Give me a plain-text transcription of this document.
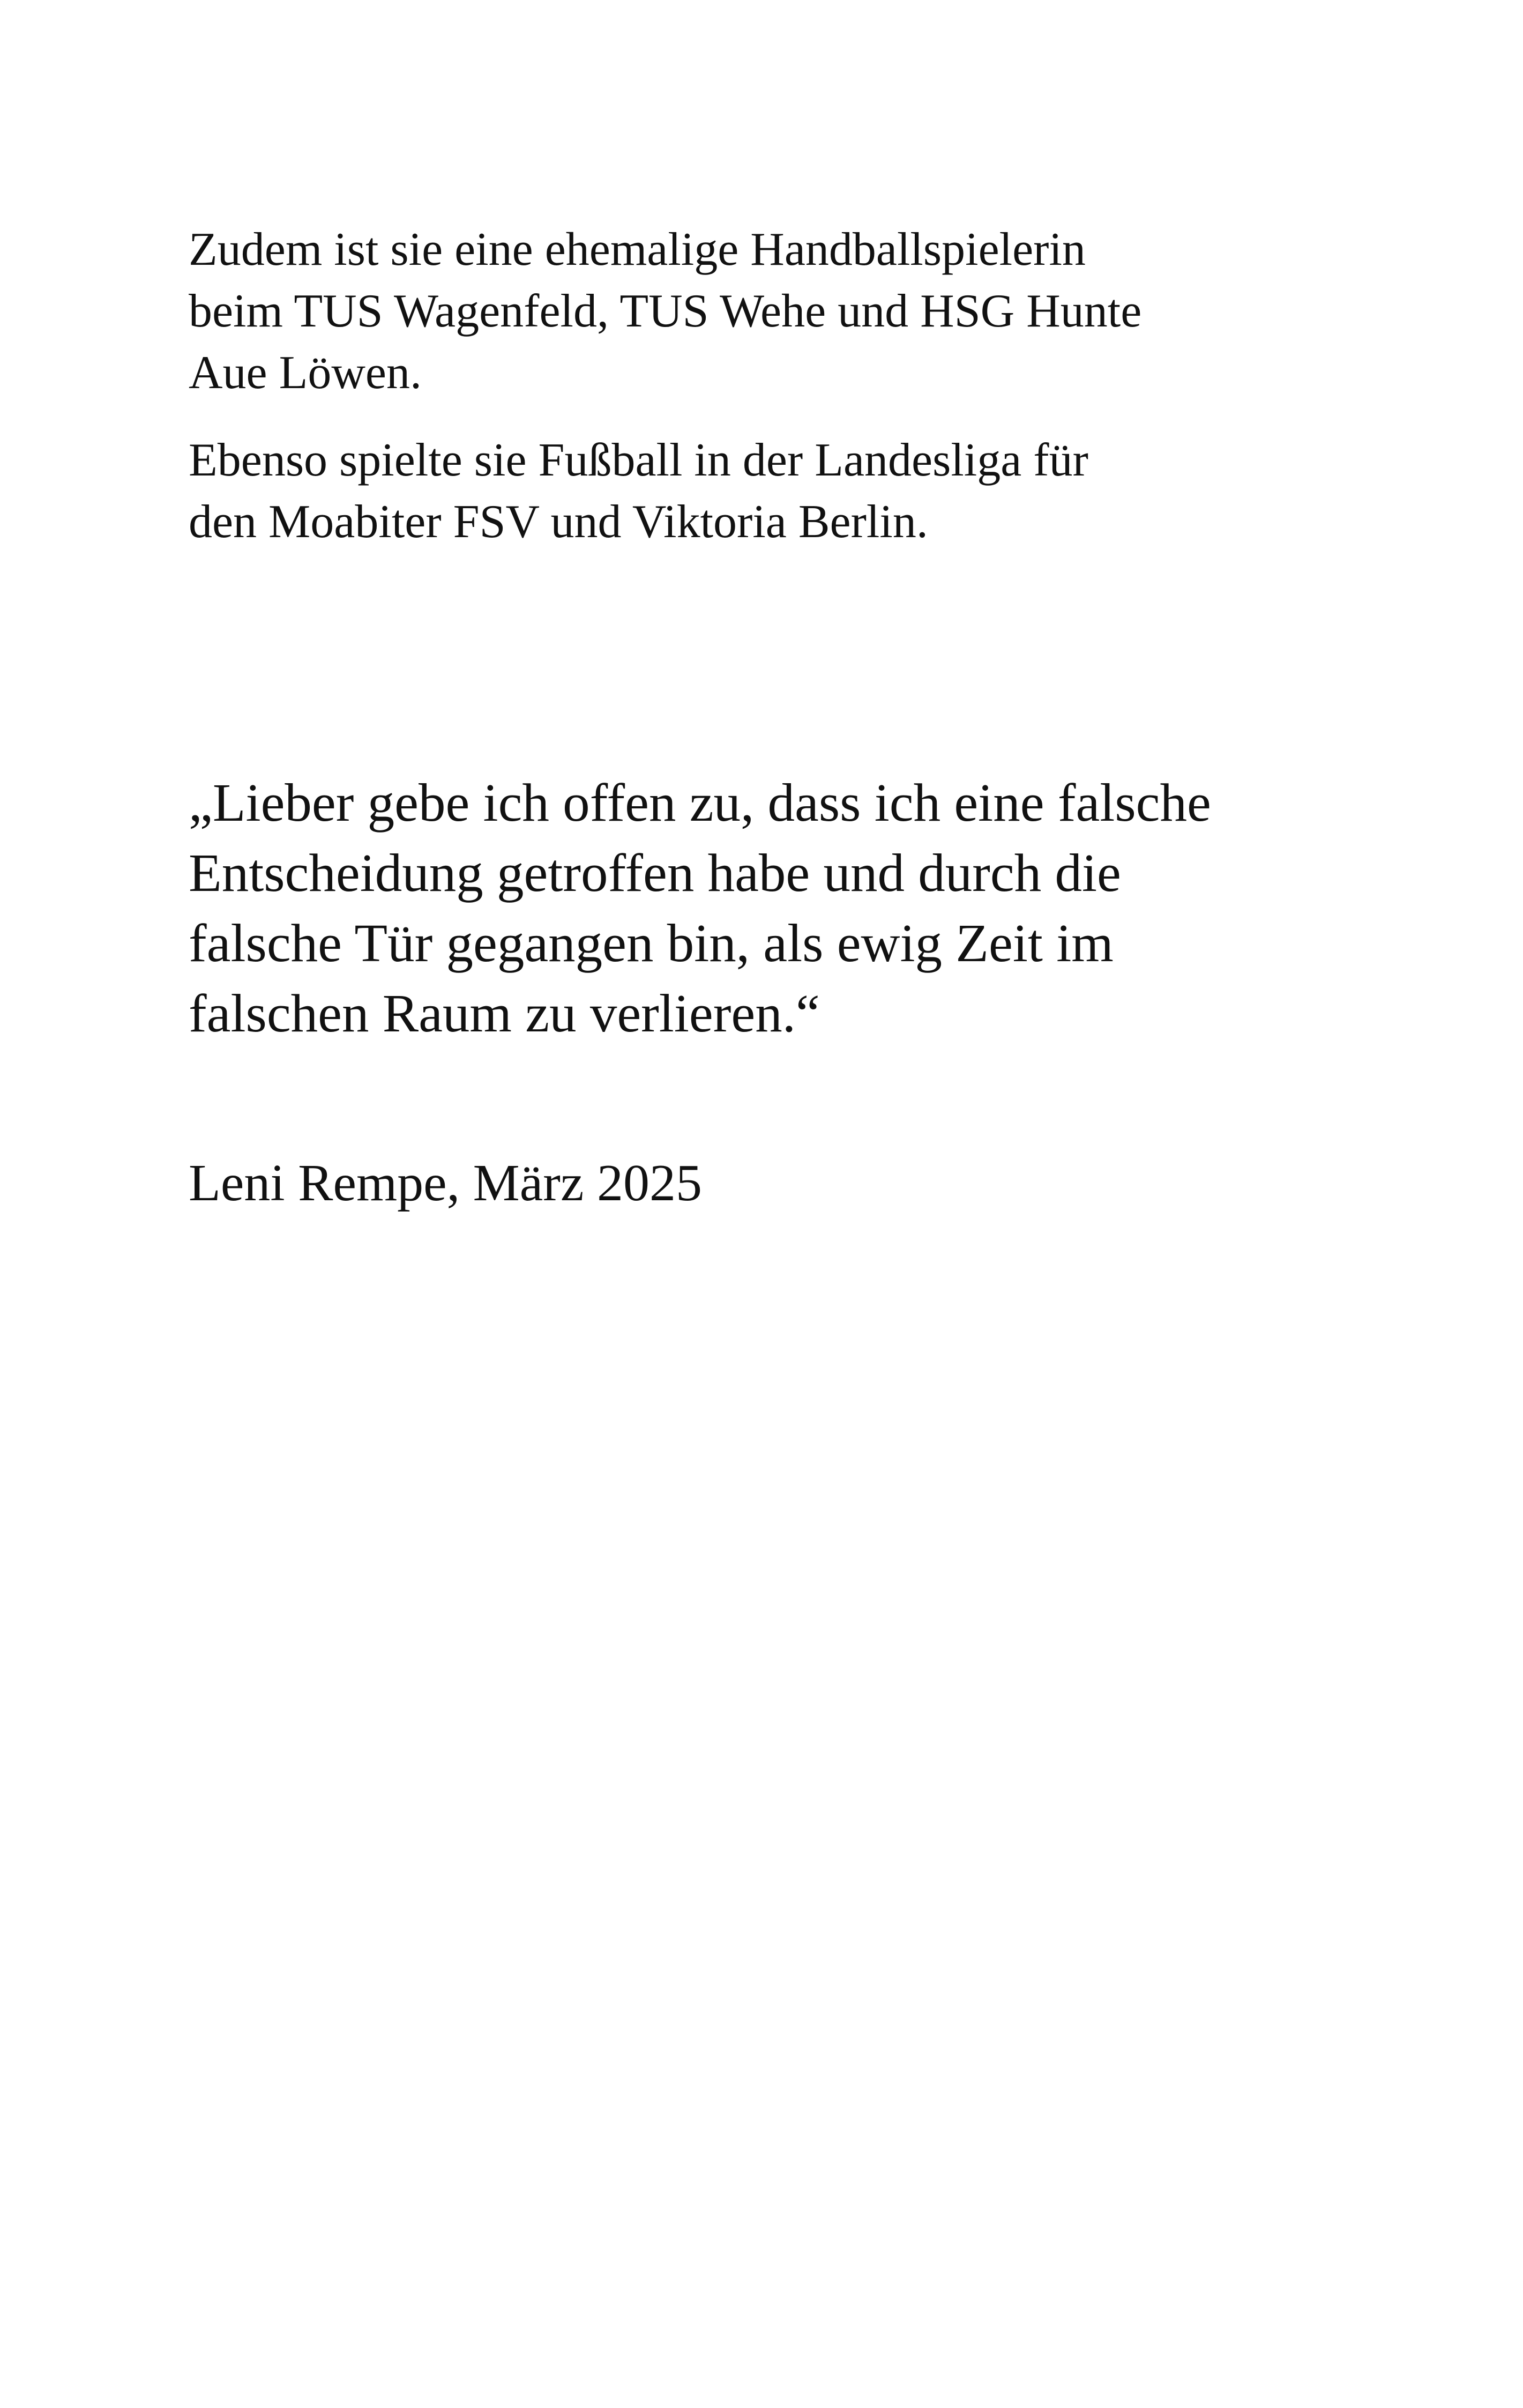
Zudem ist sie eine ehemalige Handballspielerin
beim TUS Wagenfeld, TUS Wehe und HSG Hunte
Aue Löwen.

Ebenso spielte sie Fußball in der Landesliga für
den Moabiter FSV und Viktoria Berlin.

„Lieber gebe ich offen zu, dass ich eine falsche
Entscheidung getroffen habe und durch die
falsche Tür gegangen bin, als ewig Zeit im
falschen Raum zu verlieren.“

Leni Rempe, März 2025
